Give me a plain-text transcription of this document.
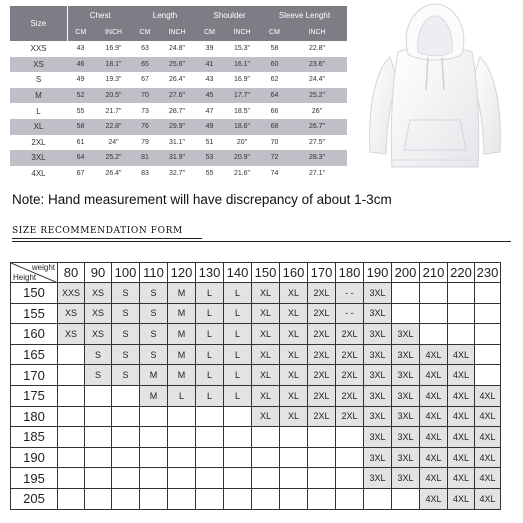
Size	Chest		Length		Shoulder		Sleeve Lenght	
	CM	INCH	CM	INCH	CM	INCH	CM	INCH
XXS	43	16.9"	63	24.8"	39	15.3"	58	22.8"
XS	46	18.1"	65	25.6"	41	16.1"	60	23.6"
S	49	19.3"	67	26.4"	43	16.9"	62	24.4"
M	52	20.5"	70	27.6"	45	17.7"	64	25.2"
L	55	21.7"	73	28.7"	47	18.5"	66	26"
XL	58	22.8"	76	29.9"	49	18.6"	68	26.7"
2XL	61	24"	79	31.1"	51	20"	70	27.5"
3XL	64	25.2"	81	31.9"	53	20.9"	72	28.3"
4XL	67	26.4"	83	32.7"	55	21.6"	74	27.1"
Note: Hand measurement will have discrepancy of about 1-3cm
SIZE RECOMMENDATION FORM
weight
Height	80	90	100	110	120	130	140	150	160	170	180	190	200	210	220	230
150	XXS	XS	S	S	M	L	L	XL	XL	2XL	- -	3XL				
155	XS	XS	S	S	M	L	L	XL	XL	2XL	- -	3XL				
160	XS	XS	S	S	M	L	L	XL	XL	2XL	2XL	3XL	3XL			
165		S	S	S	M	L	L	XL	XL	2XL	2XL	3XL	3XL	4XL	4XL	
170		S	S	M	M	L	L	XL	XL	2XL	2XL	3XL	3XL	4XL	4XL	
175				M	L	L	L	XL	XL	2XL	2XL	3XL	3XL	4XL	4XL	4XL
180								XL	XL	2XL	2XL	3XL	3XL	4XL	4XL	4XL
185												3XL	3XL	4XL	4XL	4XL
190												3XL	3XL	4XL	4XL	4XL
195												3XL	3XL	4XL	4XL	4XL
205														4XL	4XL	4XL
